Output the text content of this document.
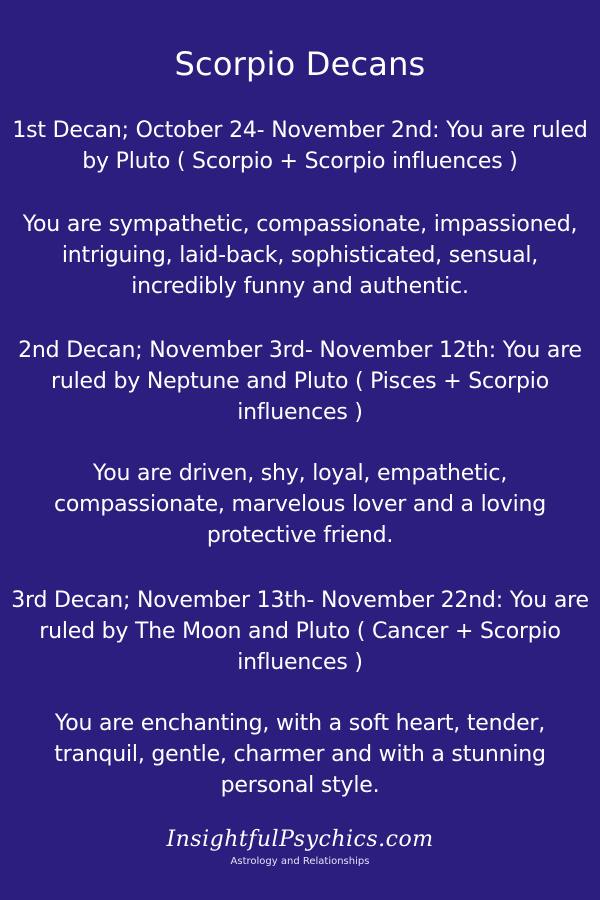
Scorpio Decans
1st Decan; October 24- November 2nd: You are ruled by Pluto ( Scorpio + Scorpio influences )
You are sympathetic, compassionate, impassioned, intriguing, laid-back, sophisticated, sensual, incredibly funny and authentic.
2nd Decan; November 3rd- November 12th: You are ruled by Neptune and Pluto ( Pisces + Scorpio influences )
You are driven, shy, loyal, empathetic, compassionate, marvelous lover and a loving protective friend.
3rd Decan; November 13th- November 22nd: You are ruled by The Moon and Pluto ( Cancer + Scorpio influences )
You are enchanting, with a soft heart, tender, tranquil, gentle, charmer and with a stunning personal style.
InsightfulPsychics.com
Astrology and Relationships
